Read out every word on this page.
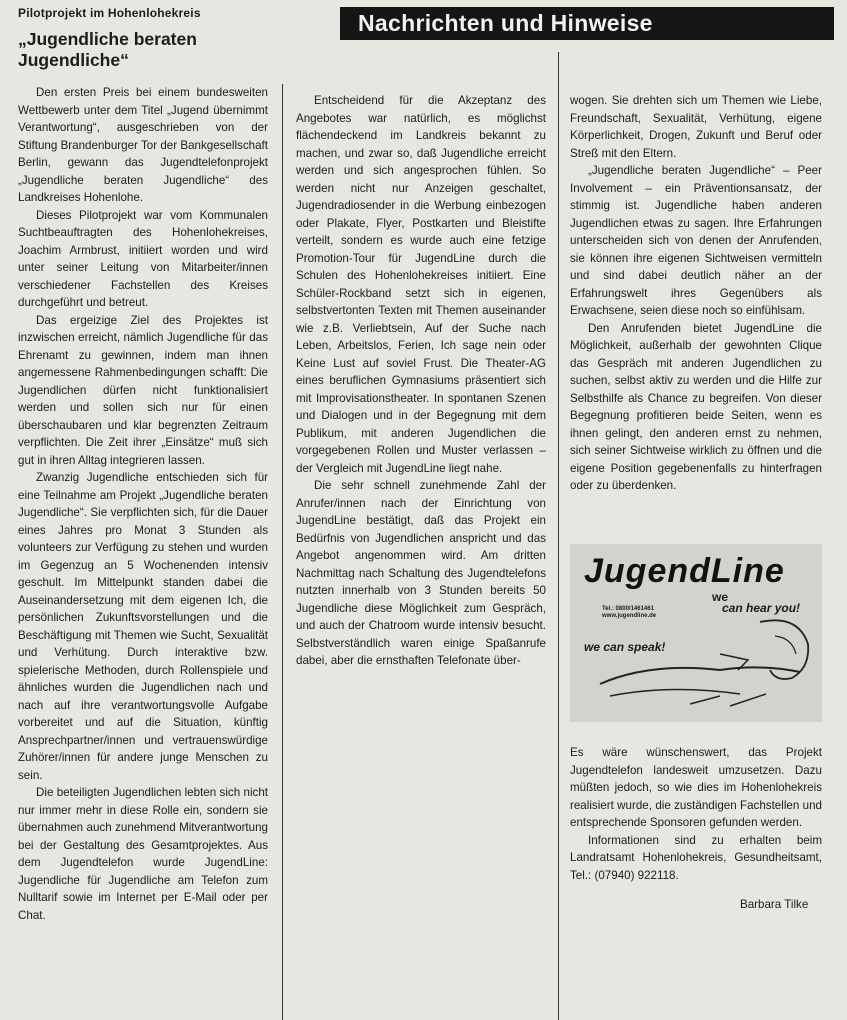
Pilotprojekt im Hohenlohekreis
„Jugendliche beraten Jugendliche“
Nachrichten und Hinweise

Den ersten Preis bei einem bundesweiten Wettbewerb unter dem Titel „Jugend übernimmt Verantwortung“, ausgeschrieben von der Stiftung Brandenburger Tor der Bankgesellschaft Berlin, gewann das Jugendtelefonprojekt „Jugendliche beraten Jugendliche“ des Landkreises Hohenlohe.

Dieses Pilotprojekt war vom Kommunalen Suchtbeauftragten des Hohenlohekreises, Joachim Armbrust, initiiert worden und wird unter seiner Leitung von Mitarbeiter/innen verschiedener Fachstellen des Kreises durchgeführt und betreut.

Das ergeizige Ziel des Projektes ist inzwischen erreicht, nämlich Jugendliche für das Ehrenamt zu gewinnen, indem man ihnen angemessene Rahmenbedingungen schafft: Die Jugendlichen dürfen nicht funktionalisiert werden und sollen sich nur für einen überschaubaren und klar begrenzten Zeitraum verpflichten. Die Zeit ihrer „Einsätze“ muß sich gut in ihren Alltag integrieren lassen.

Zwanzig Jugendliche entschieden sich für eine Teilnahme am Projekt „Jugendliche beraten Jugendliche“. Sie verpflichten sich, für die Dauer eines Jahres pro Monat 3 Stunden als volunteers zur Verfügung zu stehen und wurden im Gegenzug an 5 Wochenenden intensiv geschult. Im Mittelpunkt standen dabei die Auseinandersetzung mit dem eigenen Ich, die persönlichen Zukunftsvorstellungen und die Beschäftigung mit Themen wie Sucht, Sexualität und Verhütung. Durch interaktive bzw. spielerische Methoden, durch Rollenspiele und ähnliches wurden die Jugendlichen nach und nach auf ihre verantwortungsvolle Aufgabe vorbereitet und auf die Situation, künftig Ansprechpartner/innen und vertrauenswürdige Zuhörer/innen für andere junge Menschen zu sein.

Die beteiligten Jugendlichen lebten sich nicht nur immer mehr in diese Rolle ein, sondern sie übernahmen auch zunehmend Mitverantwortung bei der Gestaltung des Gesamtprojektes. Aus dem Jugendtelefon wurde JugendLine: Jugendliche für Jugendliche am Telefon zum Nulltarif sowie im Internet per E-Mail oder per Chat.

Entscheidend für die Akzeptanz des Angebotes war natürlich, es möglichst flächendeckend im Landkreis bekannt zu machen, und zwar so, daß Jugendliche erreicht werden und sich angesprochen fühlen. So werden nicht nur Anzeigen geschaltet, Jugendradiosender in die Werbung einbezogen oder Plakate, Flyer, Postkarten und Bleistifte verteilt, sondern es wurde auch eine fetzige Promotion-Tour für JugendLine durch die Schulen des Hohenlohekreises initiiert. Eine Schüler-Rockband setzt sich in eigenen, selbstvertonten Texten mit Themen auseinander wie z.B. Verliebtsein, Auf der Suche nach Leben, Arbeitslos, Ferien, Ich sage nein oder Keine Lust auf soviel Frust. Die Theater-AG eines beruflichen Gymnasiums präsentiert sich mit Improvisationstheater. In spontanen Szenen und Dialogen und in der Begegnung mit dem Publikum, mit anderen Jugendlichen die vorgegebenen Rollen und Muster verlassen – der Vergleich mit JugendLine liegt nahe.

Die sehr schnell zunehmende Zahl der Anrufer/innen nach der Einrichtung von JugendLine bestätigt, daß das Projekt ein Bedürfnis von Jugendlichen anspricht und das Angebot angenommen wird. Am dritten Nachmittag nach Schaltung des Jugendtelefons nutzten innerhalb von 3 Stunden bereits 50 Jugendliche diese Möglichkeit zum Gespräch, und auch der Chatroom wurde intensiv besucht. Selbstverständlich waren einige Spaßanrufe dabei, aber die ernsthaften Telefonate über-

wogen. Sie drehten sich um Themen wie Liebe, Freundschaft, Sexualität, Verhütung, eigene Körperlichkeit, Drogen, Zukunft und Beruf oder Streß mit den Eltern.

„Jugendliche beraten Jugendliche“ – Peer Involvement – ein Präventionsansatz, der stimmig ist. Jugendliche haben anderen Jugendlichen etwas zu sagen. Ihre Erfahrungen unterscheiden sich von denen der Anrufenden, sie können ihre eigenen Sichtweisen vermitteln und sind dabei deutlich näher an der Erfahrungswelt ihres Gegenübers als Erwachsene, seien diese noch so einfühlsam.

Den Anrufenden bietet JugendLine die Möglichkeit, außerhalb der gewohnten Clique das Gespräch mit anderen Jugendlichen zu suchen, selbst aktiv zu werden und die Hilfe zur Selbsthilfe als Chance zu begreifen. Von dieser Begegnung profitieren beide Seiten, wenn es ihnen gelingt, den anderen ernst zu nehmen, sich seiner Sichtweise wirklich zu öffnen und die eigene Position gegebenenfalls zu hinterfragen oder zu überdenken.

JugendLine
we
can hear you!
Tel.: 0800/1461461
www.jugendline.de
we can speak!

Es wäre wünschenswert, das Projekt Jugendtelefon landesweit umzusetzen. Dazu müßten jedoch, so wie dies im Hohenlohekreis realisiert wurde, die zuständigen Fachstellen und entsprechende Sponsoren gefunden werden.

Informationen sind zu erhalten beim Landratsamt Hohenlohekreis, Gesundheitsamt, Tel.: (07940) 922118.

Barbara Tilke
